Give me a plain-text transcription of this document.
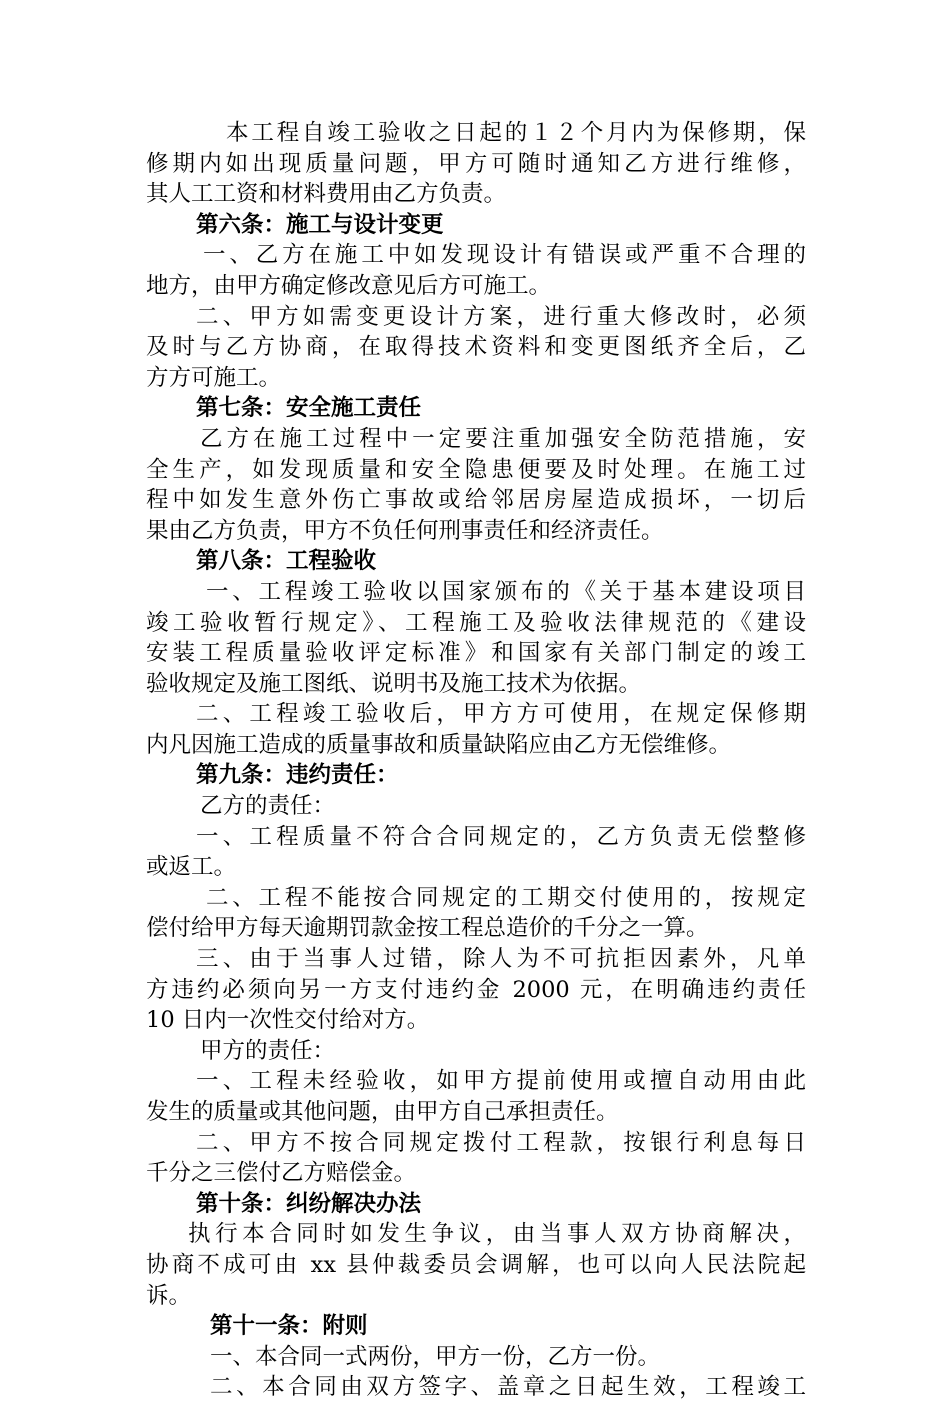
本工程自竣工验收之日起的１２个月内为保修期，保
修期内如出现质量问题，甲方可随时通知乙方进行维修，
其人工工资和材料费用由乙方负责。
第六条：施工与设计变更
一、乙方在施工中如发现设计有错误或严重不合理的
地方，由甲方确定修改意见后方可施工。
二、甲方如需变更设计方案，进行重大修改时，必须
及时与乙方协商，在取得技术资料和变更图纸齐全后，乙
方方可施工。
第七条：安全施工责任
乙方在施工过程中一定要注重加强安全防范措施，安
全生产，如发现质量和安全隐患便要及时处理。在施工过
程中如发生意外伤亡事故或给邻居房屋造成损坏，一切后
果由乙方负责，甲方不负任何刑事责任和经济责任。
第八条：工程验收
一、工程竣工验收以国家颁布的《关于基本建设项目
竣工验收暂行规定》、工程施工及验收法律规范的《建设
安装工程质量验收评定标准》和国家有关部门制定的竣工
验收规定及施工图纸、说明书及施工技术为依据。
二、工程竣工验收后，甲方方可使用，在规定保修期
内凡因施工造成的质量事故和质量缺陷应由乙方无偿维修。
第九条：违约责任：
乙方的责任：
一、工程质量不符合合同规定的，乙方负责无偿整修
或返工。
二、工程不能按合同规定的工期交付使用的，按规定
偿付给甲方每天逾期罚款金按工程总造价的千分之一算。
三、由于当事人过错，除人为不可抗拒因素外，凡单
方违约必须向另一方支付违约金 2000 元，在明确违约责任
10 日内一次性交付给对方。
甲方的责任：
一、工程未经验收，如甲方提前使用或擅自动用由此
发生的质量或其他问题，由甲方自己承担责任。
二、甲方不按合同规定拨付工程款，按银行利息每日
千分之三偿付乙方赔偿金。
第十条：纠纷解决办法
执行本合同时如发生争议，由当事人双方协商解决，
协商不成可由 xx 县仲裁委员会调解，也可以向人民法院起
诉。
第十一条：附则
一、本合同一式两份，甲方一份，乙方一份。
二、本合同由双方签字、盖章之日起生效，工程竣工
